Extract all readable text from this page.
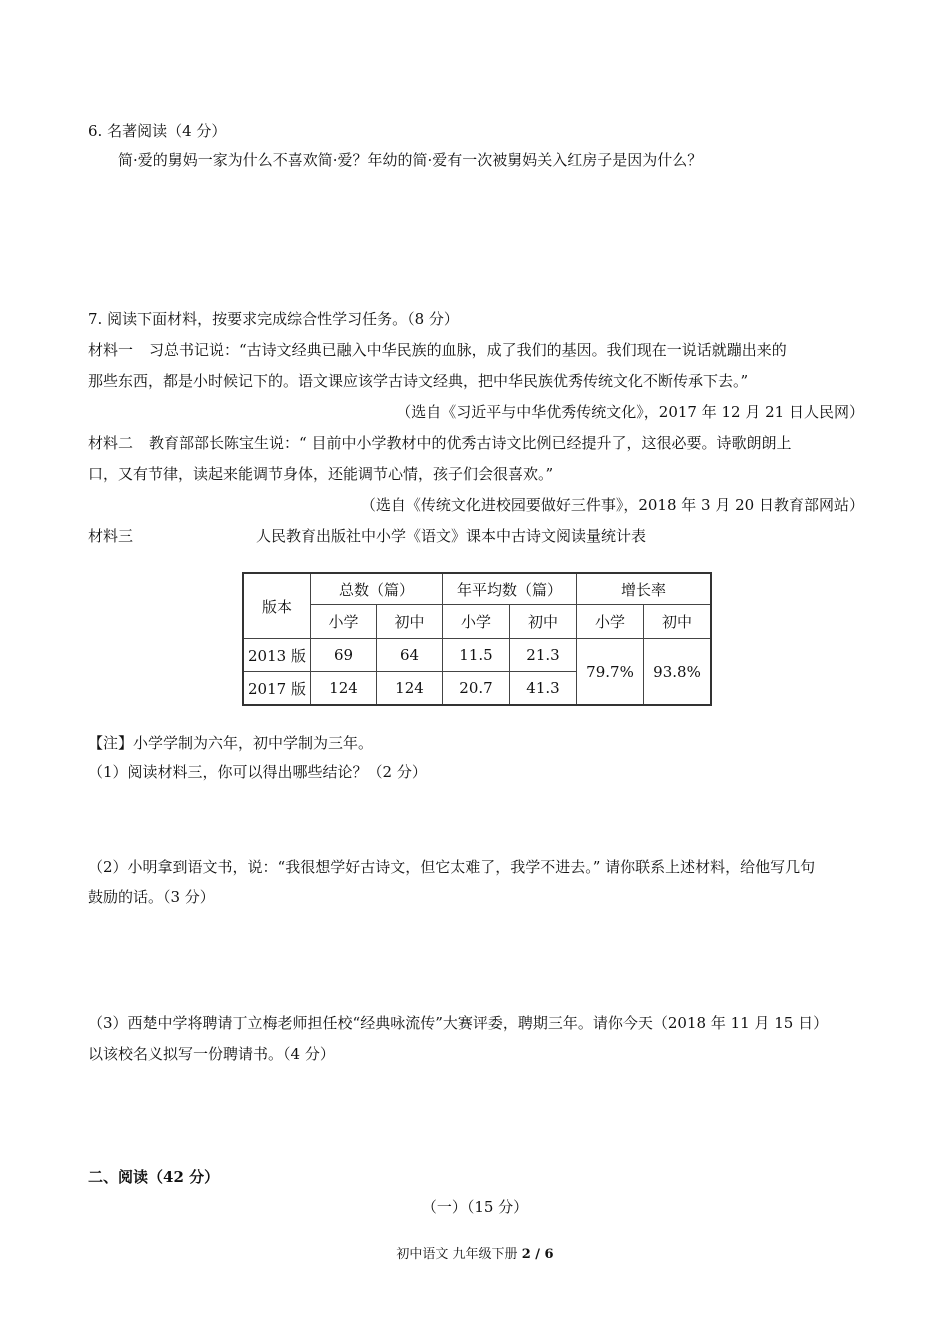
6. 名著阅读（4 分）
简·爱的舅妈一家为什么不喜欢简·爱？年幼的简·爱有一次被舅妈关入红房子是因为什么？
7. 阅读下面材料，按要求完成综合性学习任务。（8 分）
材料一 习总书记说：“古诗文经典已融入中华民族的血脉，成了我们的基因。我们现在一说话就蹦出来的
那些东西，都是小时候记下的。语文课应该学古诗文经典，把中华民族优秀传统文化不断传承下去。”
（选自《习近平与中华优秀传统文化》，2017 年 12 月 21 日人民网）
材料二 教育部部长陈宝生说：“ 目前中小学教材中的优秀古诗文比例已经提升了，这很必要。诗歌朗朗上
口，又有节律，读起来能调节身体，还能调节心情，孩子们会很喜欢。”
（选自《传统文化进校园要做好三件事》，2018 年 3 月 20 日教育部网站）
材料三	人民教育出版社中小学《语文》课本中古诗文阅读量统计表
版本	总数（篇）		年平均数（篇）		增长率	
	小学	初中	小学	初中	小学	初中
2013 版	69	64	11.5	21.3	79.7%	93.8%
2017 版	124	124	20.7	41.3		
【注】小学学制为六年，初中学制为三年。
（1）阅读材料三，你可以得出哪些结论？（2 分）
（2）小明拿到语文书，说：“我很想学好古诗文，但它太难了，我学不进去。” 请你联系上述材料，给他写几句
鼓励的话。（3 分）
（3）西楚中学将聘请丁立梅老师担任校“经典咏流传”大赛评委，聘期三年。请你今天（2018 年 11 月 15 日）
以该校名义拟写一份聘请书。（4 分）
二、阅读（42 分）
（一）（15 分）
初中语文 九年级下册 2 / 6
